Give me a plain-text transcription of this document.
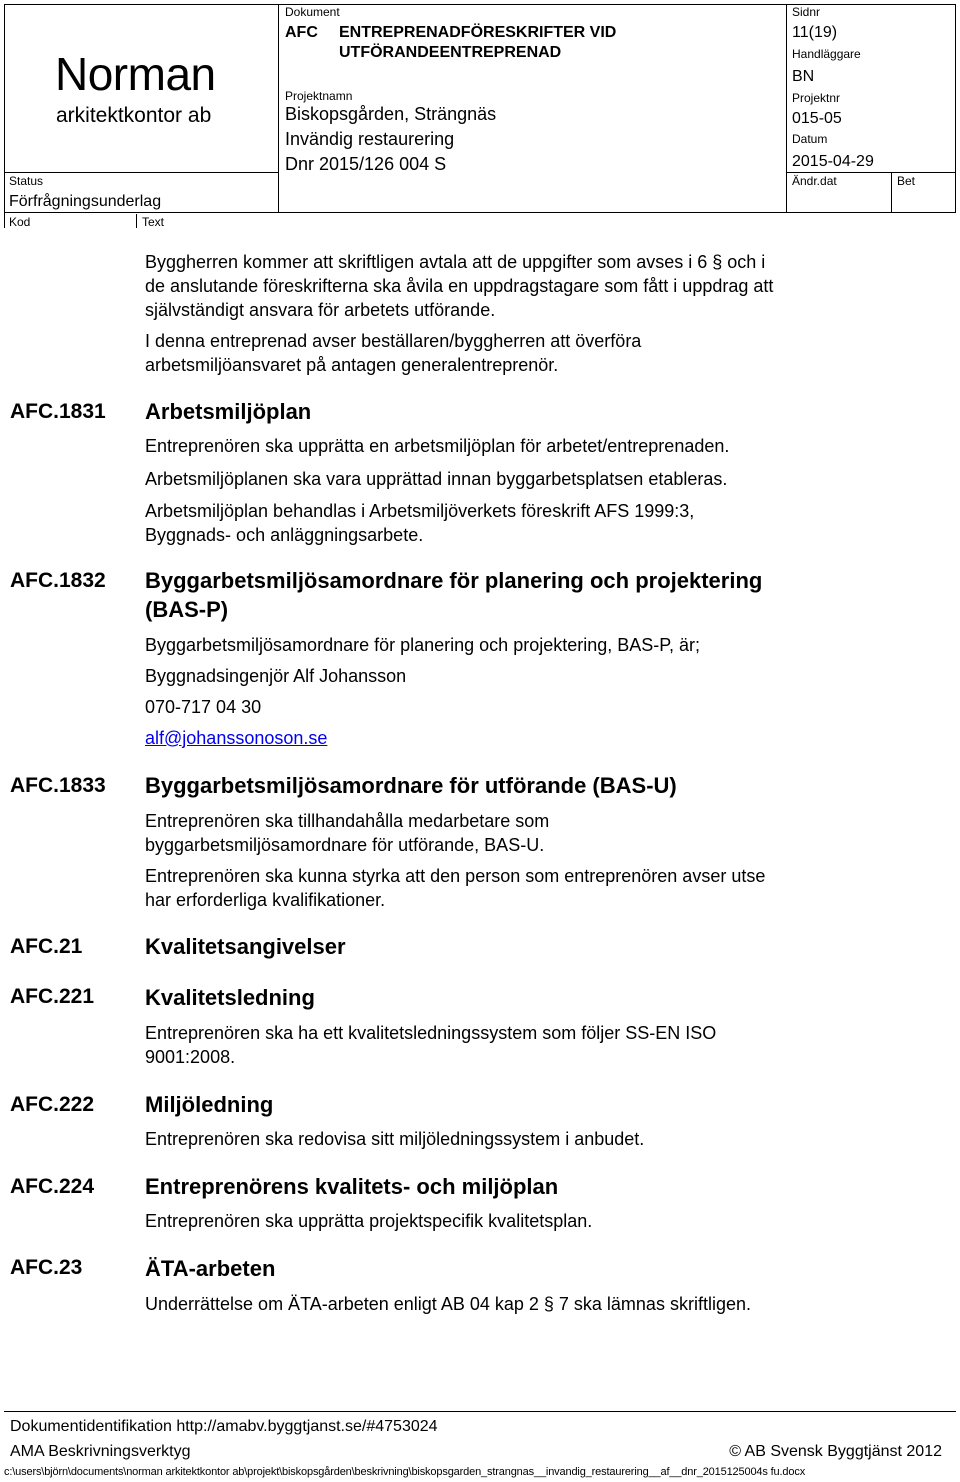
Norman
arkitektkontor ab
Status
Förfrågningsunderlag
Kod	Text
Dokument
AFC ENTREPRENADFÖRESKRIFTER VID
UTFÖRANDEENTREPRENAD
Projektnamn
Biskopsgården, Strängnäs
Invändig restaurering
Dnr 2015/126 004 S
Sidnr
11(19)
Handläggare
BN
Projektnr
015-05
Datum
2015-04-29
Ändr.dat	Bet
Byggherren kommer att skriftligen avtala att de uppgifter som avses i 6 § och i
de anslutande föreskrifterna ska åvila en uppdragstagare som fått i uppdrag att
självständigt ansvara för arbetets utförande.
I denna entreprenad avser beställaren/byggherren att överföra
arbetsmiljöansvaret på antagen generalentreprenör.
AFC.1831 Arbetsmiljöplan
Entreprenören ska upprätta en arbetsmiljöplan för arbetet/entreprenaden.
Arbetsmiljöplanen ska vara upprättad innan byggarbetsplatsen etableras.
Arbetsmiljöplan behandlas i Arbetsmiljöverkets föreskrift AFS 1999:3,
Byggnads- och anläggningsarbete.
AFC.1832 Byggarbetsmiljösamordnare för planering och projektering
(BAS-P)
Byggarbetsmiljösamordnare för planering och projektering, BAS-P, är;
Byggnadsingenjör Alf Johansson
070-717 04 30
alf@johanssonoson.se
AFC.1833 Byggarbetsmiljösamordnare för utförande (BAS-U)
Entreprenören ska tillhandahålla medarbetare som
byggarbetsmiljösamordnare för utförande, BAS-U.
Entreprenören ska kunna styrka att den person som entreprenören avser utse
har erforderliga kvalifikationer.
AFC.21	Kvalitetsangivelser
AFC.221 Kvalitetsledning
Entreprenören ska ha ett kvalitetsledningssystem som följer SS-EN ISO
9001:2008.
AFC.222 Miljöledning
Entreprenören ska redovisa sitt miljöledningssystem i anbudet.
AFC.224 Entreprenörens kvalitets- och miljöplan
Entreprenören ska upprätta projektspecifik kvalitetsplan.
AFC.23	ÄTA-arbeten
Underrättelse om ÄTA-arbeten enligt AB 04 kap 2 § 7 ska lämnas skriftligen.
Dokumentidentifikation http://amabv.byggtjanst.se/#4753024
AMA Beskrivningsverktyg	© AB Svensk Byggtjänst 2012
c:\users\björn\documents\norman arkitektkontor ab\projekt\biskopsgården\beskrivning\biskopsgarden_strangnas__invandig_restaurering__af__dnr_2015125004s fu.docx
